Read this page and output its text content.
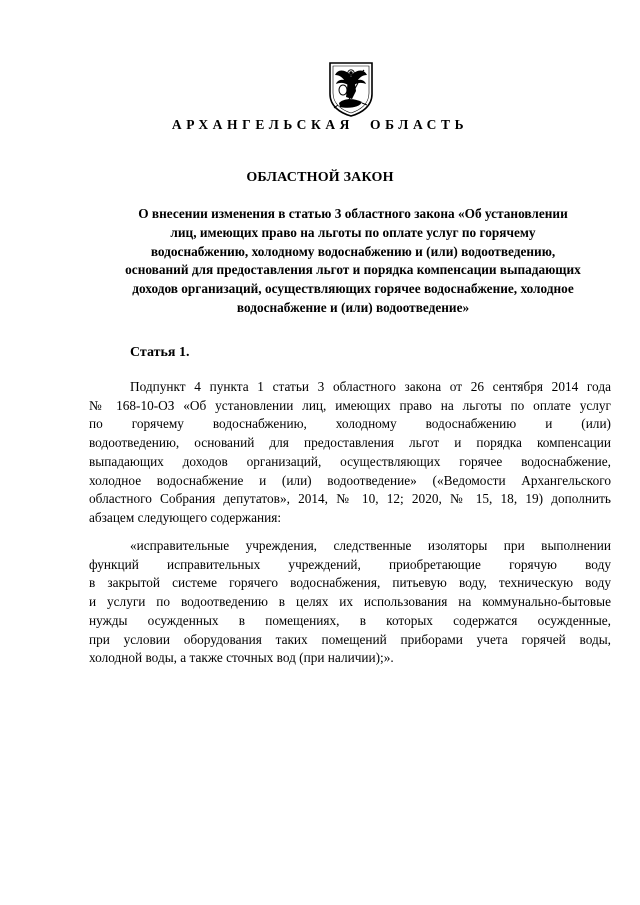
АРХАНГЕЛЬСКАЯ ОБЛАСТЬ
ОБЛАСТНОЙ ЗАКОН
О внесении изменения в статью 3 областного закона «Об установлении
лиц, имеющих право на льготы по оплате услуг по горячему
водоснабжению, холодному водоснабжению и (или) водоотведению,
оснований для предоставления льгот и порядка компенсации выпадающих
доходов организаций, осуществляющих горячее водоснабжение, холодное
водоснабжение и (или) водоотведение»
Статья 1.
Подпункт 4 пункта 1 статьи 3 областного закона от 26 сентября 2014 года
№ 168-10-ОЗ «Об установлении лиц, имеющих право на льготы по оплате услуг
по горячему водоснабжению, холодному водоснабжению и (или)
водоотведению, оснований для предоставления льгот и порядка компенсации
выпадающих доходов организаций, осуществляющих горячее водоснабжение,
холодное водоснабжение и (или) водоотведение» («Ведомости Архангельского
областного Собрания депутатов», 2014, № 10, 12; 2020, № 15, 18, 19) дополнить
абзацем следующего содержания:
«исправительные учреждения, следственные изоляторы при выполнении
функций исправительных учреждений, приобретающие горячую воду
в закрытой системе горячего водоснабжения, питьевую воду, техническую воду
и услуги по водоотведению в целях их использования на коммунально-бытовые
нужды осужденных в помещениях, в которых содержатся осужденные,
при условии оборудования таких помещений приборами учета горячей воды,
холодной воды, а также сточных вод (при наличии);».
